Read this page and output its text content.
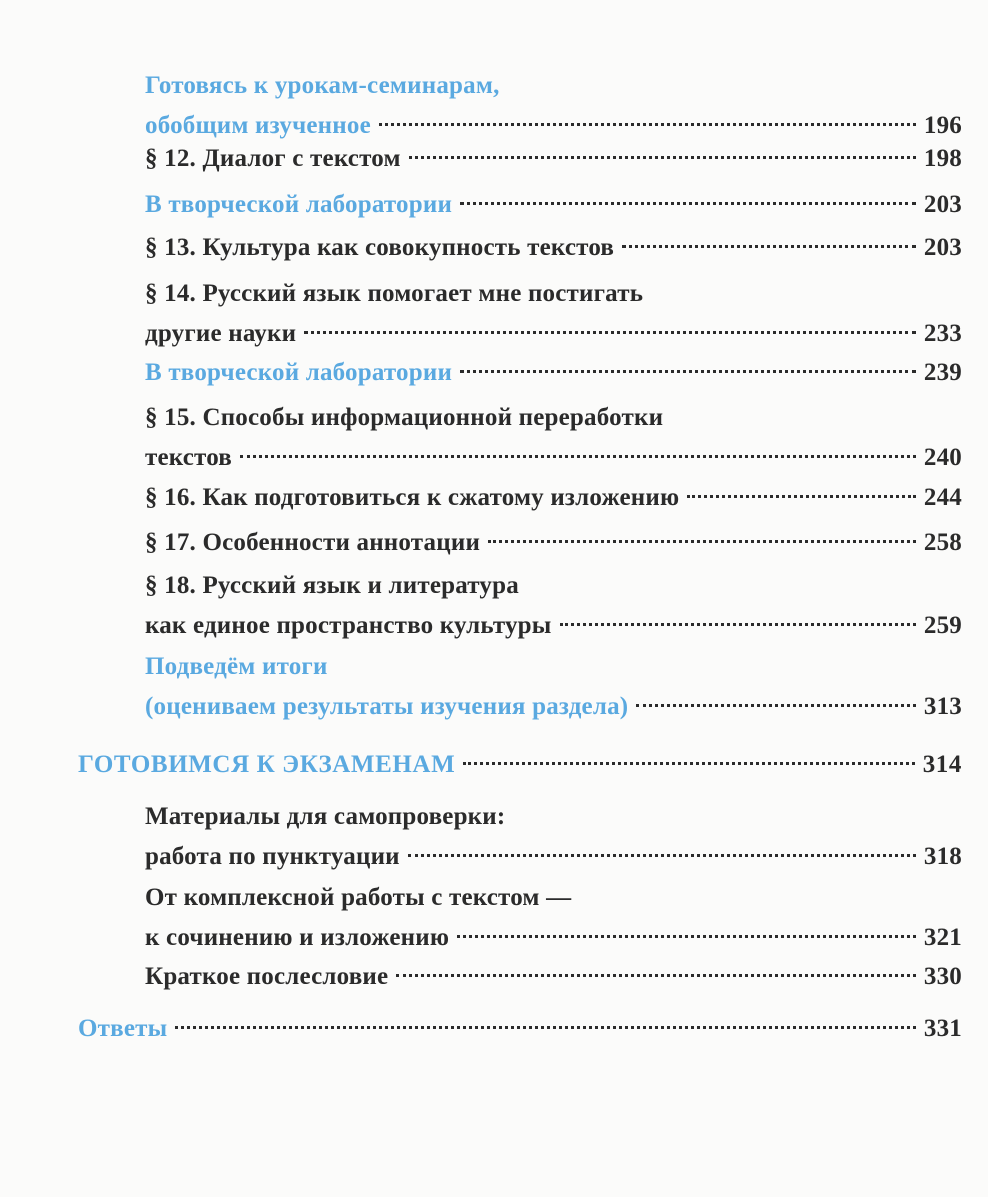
Готовясь к урокам-семинарам,
обобщим изученное	196
§ 12. Диалог с текстом	198
В творческой лаборатории	203
§ 13. Культура как совокупность текстов	203
§ 14. Русский язык помогает мне постигать
другие науки	233
В творческой лаборатории	239
§ 15. Способы информационной переработки
текстов	240
§ 16. Как подготовиться к сжатому изложению	244
§ 17. Особенности аннотации	258
§ 18. Русский язык и литература
как единое пространство культуры	259
Подведём итоги
(оцениваем результаты изучения раздела)	313
ГОТОВИМСЯ К ЭКЗАМЕНАМ	314
Материалы для самопроверки:
работа по пунктуации	318
От комплексной работы с текстом —
к сочинению и изложению	321
Краткое послесловие	330
Ответы	331
